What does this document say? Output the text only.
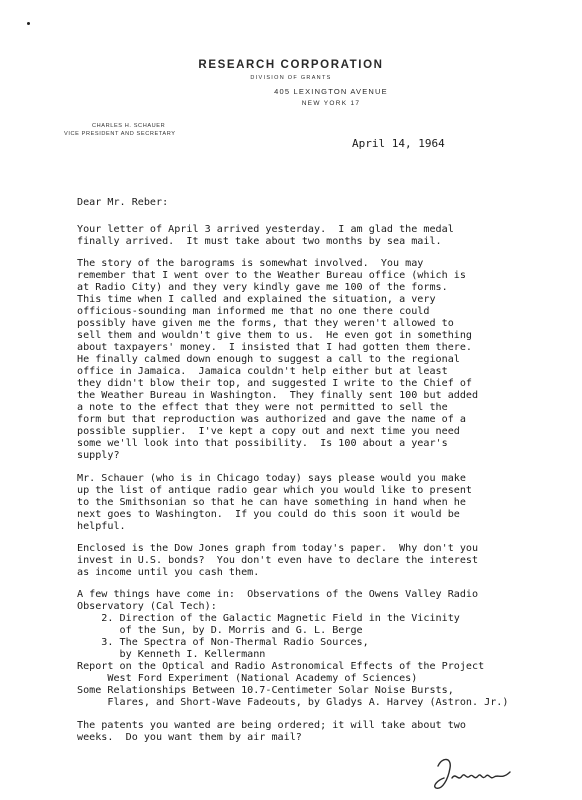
RESEARCH CORPORATION
DIVISION OF GRANTS
405 LEXINGTON AVENUE
NEW YORK 17
CHARLES H. SCHAUER
VICE PRESIDENT AND SECRETARY
April 14, 1964
Dear Mr. Reber:
Your letter of April 3 arrived yesterday.  I am glad the medal
finally arrived.  It must take about two months by sea mail.
The story of the barograms is somewhat involved.  You may
remember that I went over to the Weather Bureau office (which is
at Radio City) and they very kindly gave me 100 of the forms.
This time when I called and explained the situation, a very
officious-sounding man informed me that no one there could
possibly have given me the forms, that they weren't allowed to
sell them and wouldn't give them to us.  He even got in something
about taxpayers' money.  I insisted that I had gotten them there.
He finally calmed down enough to suggest a call to the regional
office in Jamaica.  Jamaica couldn't help either but at least
they didn't blow their top, and suggested I write to the Chief of
the Weather Bureau in Washington.  They finally sent 100 but added
a note to the effect that they were not permitted to sell the
form but that reproduction was authorized and gave the name of a
possible supplier.  I've kept a copy out and next time you need
some we'll look into that possibility.  Is 100 about a year's
supply?
Mr. Schauer (who is in Chicago today) says please would you make
up the list of antique radio gear which you would like to present
to the Smithsonian so that he can have something in hand when he
next goes to Washington.  If you could do this soon it would be
helpful.
Enclosed is the Dow Jones graph from today's paper.  Why don't you
invest in U.S. bonds?  You don't even have to declare the interest
as income until you cash them.
A few things have come in:  Observations of the Owens Valley Radio
Observatory (Cal Tech):
2. Direction of the Galactic Magnetic Field in the Vicinity
of the Sun, by D. Morris and G. L. Berge
3. The Spectra of Non-Thermal Radio Sources,
by Kenneth I. Kellermann
Report on the Optical and Radio Astronomical Effects of the Project
West Ford Experiment (National Academy of Sciences)
Some Relationships Between 10.7-Centimeter Solar Noise Bursts,
Flares, and Short-Wave Fadeouts, by Gladys A. Harvey (Astron. Jr.)
The patents you wanted are being ordered; it will take about two
weeks.  Do you want them by air mail?
